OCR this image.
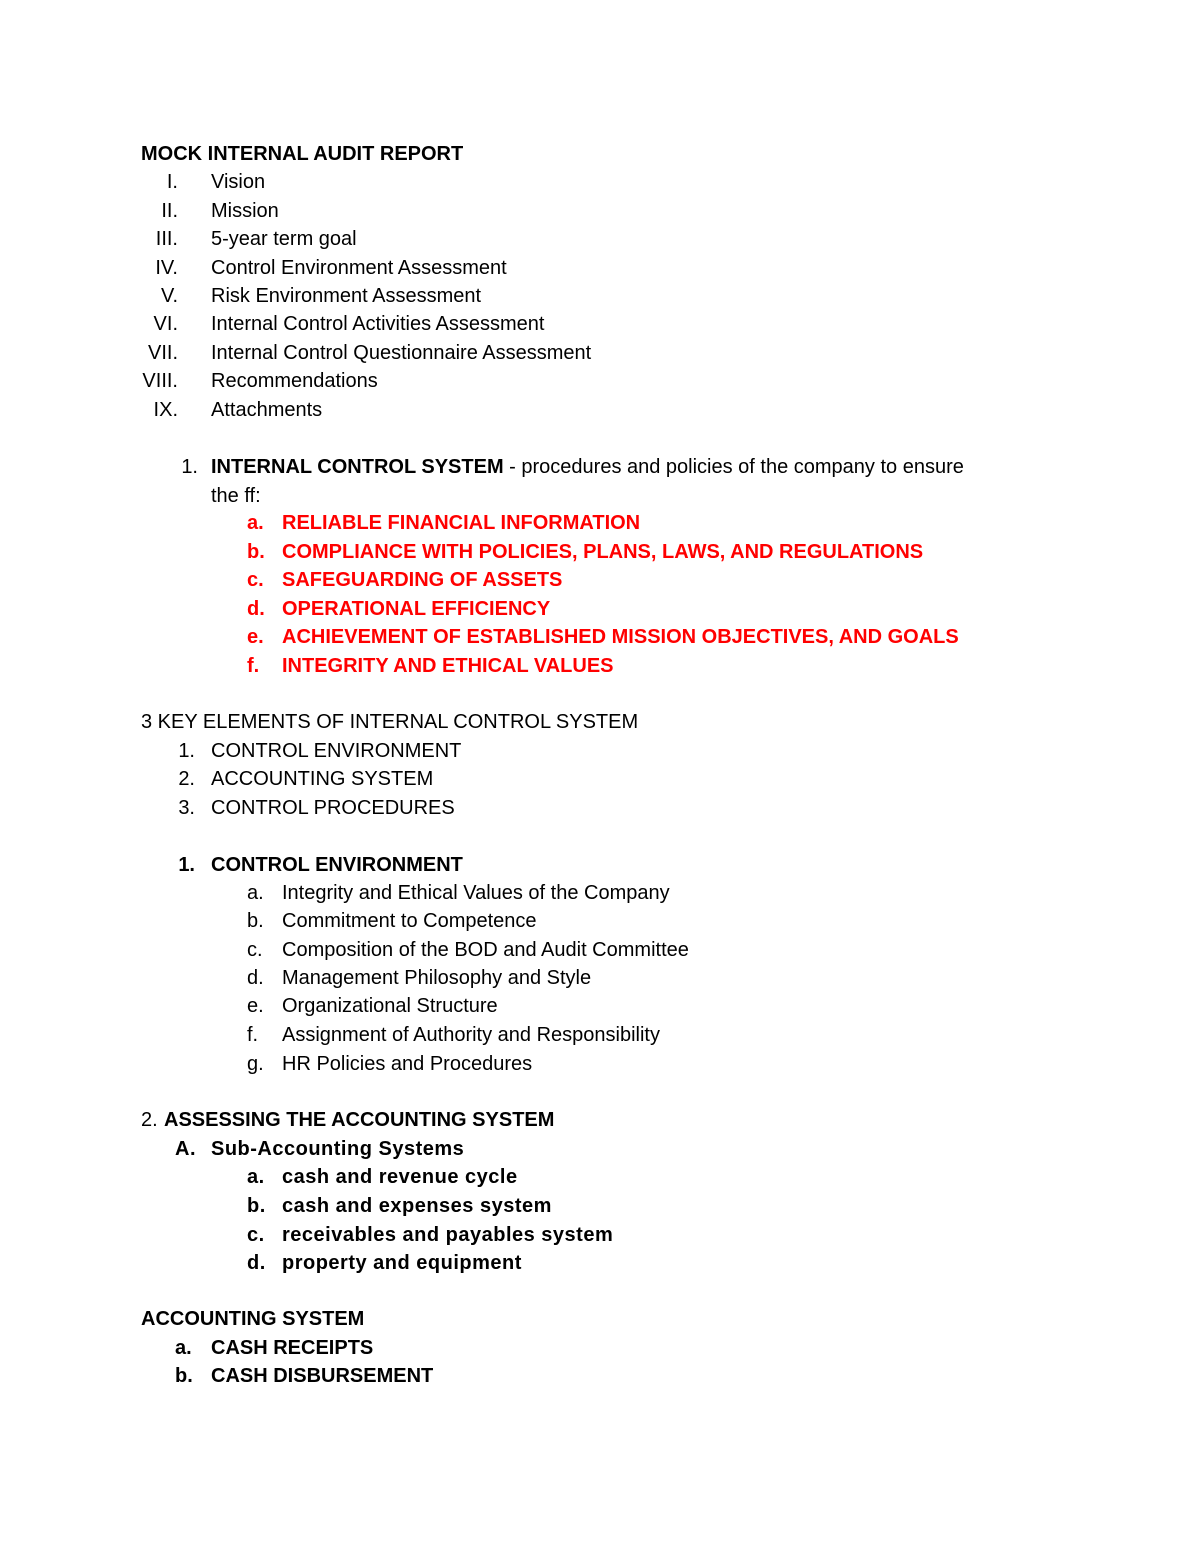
MOCK INTERNAL AUDIT REPORT
I. Vision
II. Mission
III. 5-year term goal
IV. Control Environment Assessment
V. Risk Environment Assessment
VI. Internal Control Activities Assessment
VII. Internal Control Questionnaire Assessment
VIII. Recommendations
IX. Attachments
1. INTERNAL CONTROL SYSTEM - procedures and policies of the company to ensure
the ff:
a. RELIABLE FINANCIAL INFORMATION
b. COMPLIANCE WITH POLICIES, PLANS, LAWS, AND REGULATIONS
c. SAFEGUARDING OF ASSETS
d. OPERATIONAL EFFICIENCY
e. ACHIEVEMENT OF ESTABLISHED MISSION OBJECTIVES, AND GOALS
f. INTEGRITY AND ETHICAL VALUES
3 KEY ELEMENTS OF INTERNAL CONTROL SYSTEM
1. CONTROL ENVIRONMENT
2. ACCOUNTING SYSTEM
3. CONTROL PROCEDURES
1. CONTROL ENVIRONMENT
a. Integrity and Ethical Values of the Company
b. Commitment to Competence
c. Composition of the BOD and Audit Committee
d. Management Philosophy and Style
e. Organizational Structure
f. Assignment of Authority and Responsibility
g. HR Policies and Procedures
2. ASSESSING THE ACCOUNTING SYSTEM
A. Sub-Accounting Systems
a. cash and revenue cycle
b. cash and expenses system
c. receivables and payables system
d. property and equipment
ACCOUNTING SYSTEM
a. CASH RECEIPTS
b. CASH DISBURSEMENT
